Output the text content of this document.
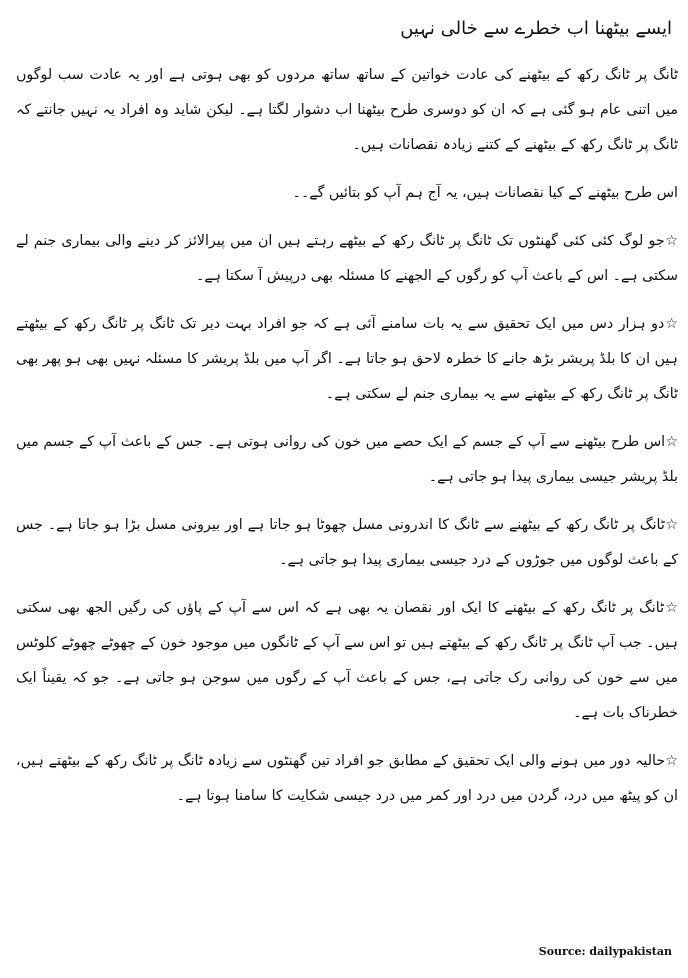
ایسے بیٹھنا اب خطرے سے خالی نہیں

ٹانگ پر ٹانگ رکھ کے بیٹھنے کی عادت خواتین کے ساتھ ساتھ مردوں کو بھی ہوتی ہے اور یہ عادت سب لوگوں میں اتنی عام ہو گئی ہے کہ ان کو دوسری طرح بیٹھنا اب دشوار لگتا ہے۔ لیکن شاید وہ افراد یہ نہیں جانتے کہ ٹانگ پر ٹانگ رکھ کے بیٹھنے کے کتنے زیادہ نقصانات ہیں۔

اس طرح بیٹھنے کے کیا نقصانات ہیں، یہ آج ہم آپ کو بتائیں گے۔۔

☆جو لوگ کئی کئی گھنٹوں تک ٹانگ پر ٹانگ رکھ کے بیٹھے رہتے ہیں ان میں پیرالائز کر دینے والی بیماری جنم لے سکتی ہے۔ اس کے باعث آپ کو رگوں کے الجھنے کا مسئلہ بھی درپیش آ سکتا ہے۔

☆دو ہزار دس میں ایک تحقیق سے یہ بات سامنے آئی ہے کہ جو افراد بہت دیر تک ٹانگ پر ٹانگ رکھ کے بیٹھتے ہیں ان کا بلڈ پریشر بڑھ جانے کا خطرہ لاحق ہو جاتا ہے۔ اگر آپ میں بلڈ پریشر کا مسئلہ نہیں بھی ہو پھر بھی ٹانگ پر ٹانگ رکھ کے بیٹھنے سے یہ بیماری جنم لے سکتی ہے۔

☆اس طرح بیٹھنے سے آپ کے جسم کے ایک حصے میں خون کی روانی ہوتی ہے۔ جس کے باعث آپ کے جسم میں بلڈ پریشر جیسی بیماری پیدا ہو جاتی ہے۔

☆ٹانگ پر ٹانگ رکھ کے بیٹھنے سے ٹانگ کا اندرونی مسل چھوٹا ہو جاتا ہے اور بیرونی مسل بڑا ہو جاتا ہے۔ جس کے باعث لوگوں میں جوڑوں کے درد جیسی بیماری پیدا ہو جاتی ہے۔

☆ٹانگ پر ٹانگ رکھ کے بیٹھنے کا ایک اور نقصان یہ بھی ہے کہ اس سے آپ کے پاؤں کی رگیں الجھ بھی سکتی ہیں۔ جب آپ ٹانگ پر ٹانگ رکھ کے بیٹھتے ہیں تو اس سے آپ کے ٹانگوں میں موجود خون کے چھوٹے چھوٹے کلوٹس میں سے خون کی روانی رک جاتی ہے، جس کے باعث آپ کے رگوں میں سوجن ہو جاتی ہے۔ جو کہ یقیناً ایک خطرناک بات ہے۔

☆حالیہ دور میں ہونے والی ایک تحقیق کے مطابق جو افراد تین گھنٹوں سے زیادہ ٹانگ پر ٹانگ رکھ کے بیٹھتے ہیں، ان کو پیٹھ میں درد، گردن میں درد اور کمر میں درد جیسی شکایت کا سامنا ہوتا ہے۔

Source: dailypakistan
